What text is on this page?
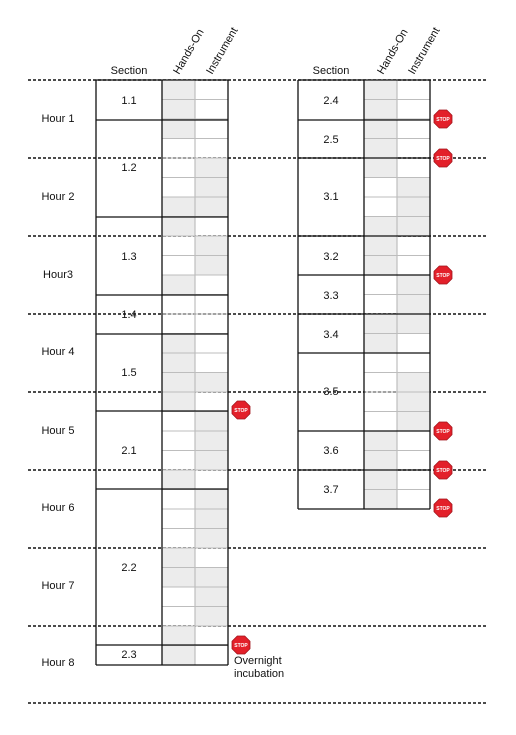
Hour 1
Hour 2
Hour3
Hour 4
Hour 5
Hour 6
Hour 7
Hour 8
Section Hands-On
Instrument	Section Hands-On
Instrument
1.1
1.2
1.3
1.4
1.5
2.1
2.2
2.3
2.4
2.5
3.1
3.2
3.3
3.4
3.5
3.6
3.7
STOP
STOP
STOP
STOP
STOP
STOP
STOP
STOP
Overnight
incubation
